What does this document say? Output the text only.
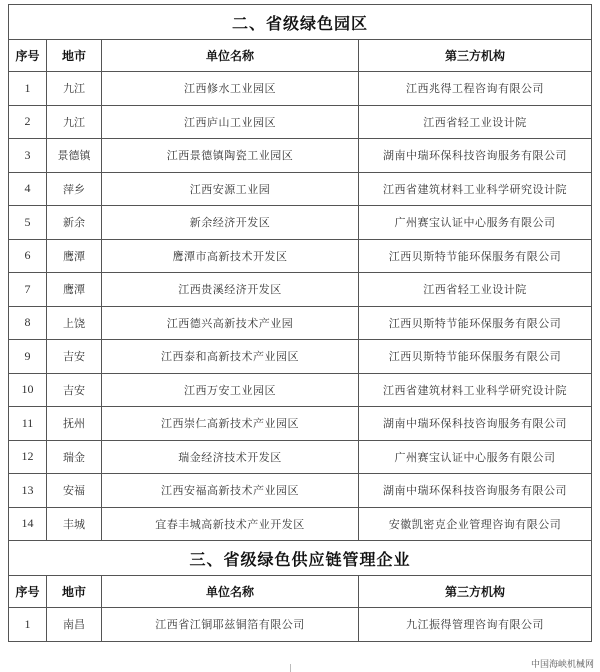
二、省级绿色园区			
序号	地市	单位名称	第三方机构
1	九江	江西修水工业园区	江西兆得工程咨询有限公司
2	九江	江西庐山工业园区	江西省轻工业设计院
3	景德镇	江西景德镇陶瓷工业园区	湖南中瑞环保科技咨询服务有限公司
4	萍乡	江西安源工业园	江西省建筑材料工业科学研究设计院
5	新余	新余经济开发区	广州赛宝认证中心服务有限公司
6	鹰潭	鹰潭市高新技术开发区	江西贝斯特节能环保服务有限公司
7	鹰潭	江西贵溪经济开发区	江西省轻工业设计院
8	上饶	江西德兴高新技术产业园	江西贝斯特节能环保服务有限公司
9	吉安	江西泰和高新技术产业园区	江西贝斯特节能环保服务有限公司
10	吉安	江西万安工业园区	江西省建筑材料工业科学研究设计院
11	抚州	江西崇仁高新技术产业园区	湖南中瑞环保科技咨询服务有限公司
12	瑞金	瑞金经济技术开发区	广州赛宝认证中心服务有限公司
13	安福	江西安福高新技术产业园区	湖南中瑞环保科技咨询服务有限公司
14	丰城	宜春丰城高新技术产业开发区	安徽凯密克企业管理咨询有限公司
三、省级绿色供应链管理企业			
序号	地市	单位名称	第三方机构
1	南昌	江西省江铜耶兹铜箔有限公司	九江振得管理咨询有限公司
中国海峡机械网
